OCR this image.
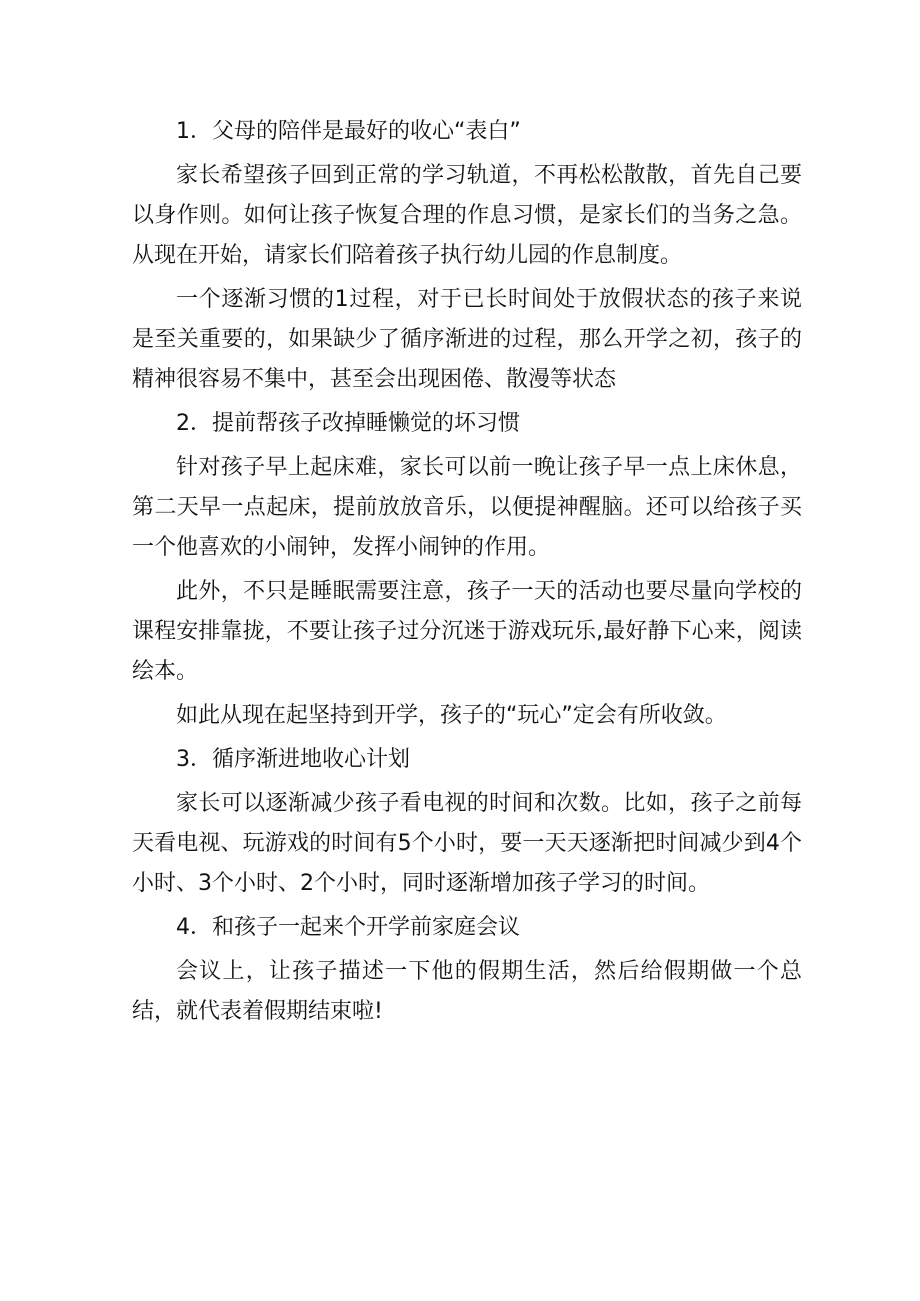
1．父母的陪伴是最好的收心“表白”

家长希望孩子回到正常的学习轨道，不再松松散散，首先自己要以身作则。如何让孩子恢复合理的作息习惯，是家长们的当务之急。从现在开始，请家长们陪着孩子执行幼儿园的作息制度。

一个逐渐习惯的1过程，对于已长时间处于放假状态的孩子来说是至关重要的，如果缺少了循序渐进的过程，那么开学之初，孩子的精神很容易不集中，甚至会出现困倦、散漫等状态

2．提前帮孩子改掉睡懒觉的坏习惯

针对孩子早上起床难，家长可以前一晚让孩子早一点上床休息，第二天早一点起床，提前放放音乐，以便提神醒脑。还可以给孩子买一个他喜欢的小闹钟，发挥小闹钟的作用。

此外，不只是睡眠需要注意，孩子一天的活动也要尽量向学校的课程安排靠拢，不要让孩子过分沉迷于游戏玩乐,最好静下心来，阅读绘本。

如此从现在起坚持到开学，孩子的“玩心”定会有所收敛。

3．循序渐进地收心计划

家长可以逐渐减少孩子看电视的时间和次数。比如，孩子之前每天看电视、玩游戏的时间有5个小时，要一天天逐渐把时间减少到4个小时、3个小时、2个小时，同时逐渐增加孩子学习的时间。

4．和孩子一起来个开学前家庭会议

会议上，让孩子描述一下他的假期生活，然后给假期做一个总结，就代表着假期结束啦!
